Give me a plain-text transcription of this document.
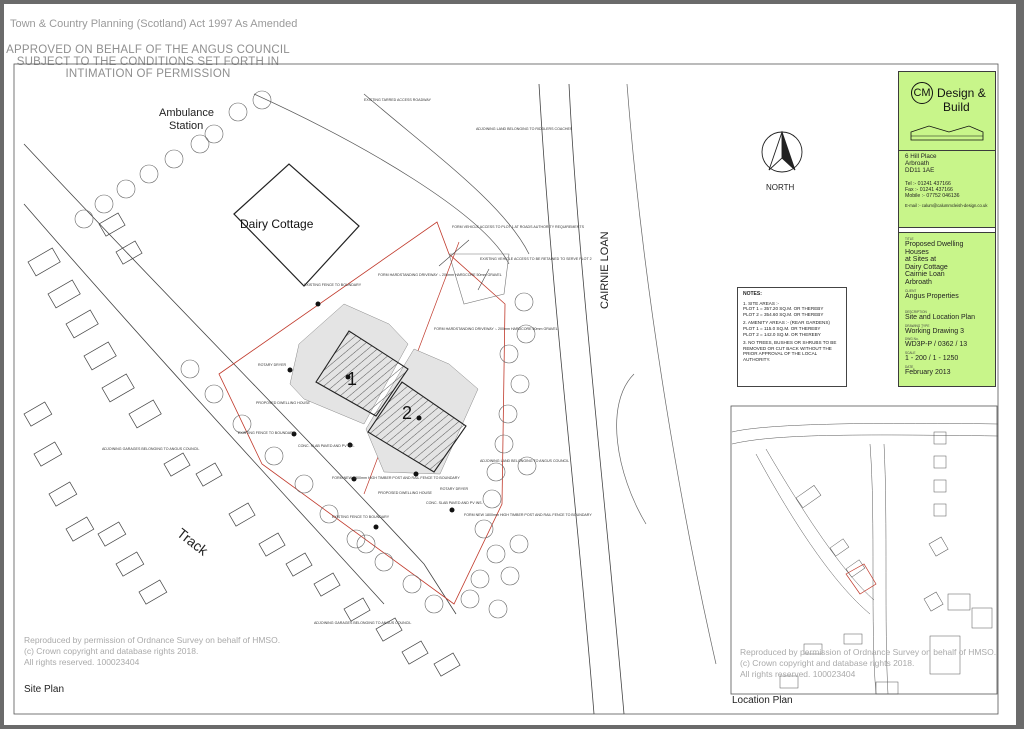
Town & Country Planning (Scotland) Act 1997 As Amended
APPROVED ON BEHALF OF THE ANGUS COUNCIL
SUBJECT TO THE CONDITIONS SET FORTH IN
INTIMATION OF PERMISSION
EXISTING TARRED ACCESS ROADWAY
ADJOINING LAND BELONGING TO RIDDLERS COACHES
FORM VEHICLE ACCESS TO PLOT 1 AT ROADS AUTHORITY REQUIREMENTS
EXISTING VEHICLE ACCESS TO BE RETAINED TO SERVE PLOT 2
FORM HARDSTANDING DRIVEWAY :- 200mm HARDCORE 50mm GRAVEL
FORM HARDSTANDING DRIVEWAY :- 200mm HARDCORE 50mm GRAVEL
EXISTING FENCE TO BOUNDARY
ROTARY DRYER
PROPOSED DWELLING HOUSE
EXISTING FENCE TO BOUNDARY
CONC. SLAB PAVED AND PV INS.
FORM NEW 1800mm HIGH TIMBER POST AND RAIL FENCE TO BOUNDARY
PROPOSED DWELLING HOUSE
ROTARY DRYER
ADJOINING LAND BELONGING TO ANGUS COUNCIL
CONC. SLAB PAVED AND PV INS.
FORM NEW 1800mm HIGH TIMBER POST AND RAIL FENCE TO BOUNDARY
EXISTING FENCE TO BOUNDARY
ADJOINING GARAGES BELONGING TO ANGUS COUNCIL
ADJOINING GARAGES BELONGING TO ANGUS COUNCIL
1
2
Dairy Cottage
Ambulance
Station
Track
CAIRNIE LOAN
NORTH
Site Plan
Location Plan
NOTES:
1. SITE AREAS :-
PLOT 1 = 357.20 SQ.M. OR THEREBY
PLOT 2 = 354.60 SQ.M. OR THEREBY
2. AMENITY AREAS :- (REAR GARDENS)
PLOT 1 = 115.0 SQ.M. OR THEREBY
PLOT 2 = 142.0 SQ.M. OR THEREBY
3. NO TREES, BUSHES OR SHRUBS TO BE REMOVED OR CUT BACK WITHOUT THE PRIOR APPROVAL OF THE LOCAL AUTHORITY.
CM Design &
Build
6 Hill Place
Arbroath
DD11 1AE
Tel :- 01241 437166
Fax :- 01241 437166
Mobile :- 07752 046136
E-mail :- calum@calummcleish-design.co.uk
TITLE
Proposed Dwelling Houses
at Sites at
Dairy Cottage
Cairnie Loan
Arbroath
CLIENT
Angus Properties
DESCRIPTION
Site and Location Plan
DRAWING TYPE
Working Drawing 3
DWG No.
WD3P-P / 0362 / 13
SCALE
1 - 200 / 1 - 1250
DATE
February 2013
Reproduced by permission of Ordnance Survey on behalf of HMSO.
(c) Crown copyright and database rights 2018.
All rights reserved. 100023404
Reproduced by permission of Ordnance Survey on behalf of HMSO.
(c) Crown copyright and database rights 2018.
All rights reserved. 100023404
